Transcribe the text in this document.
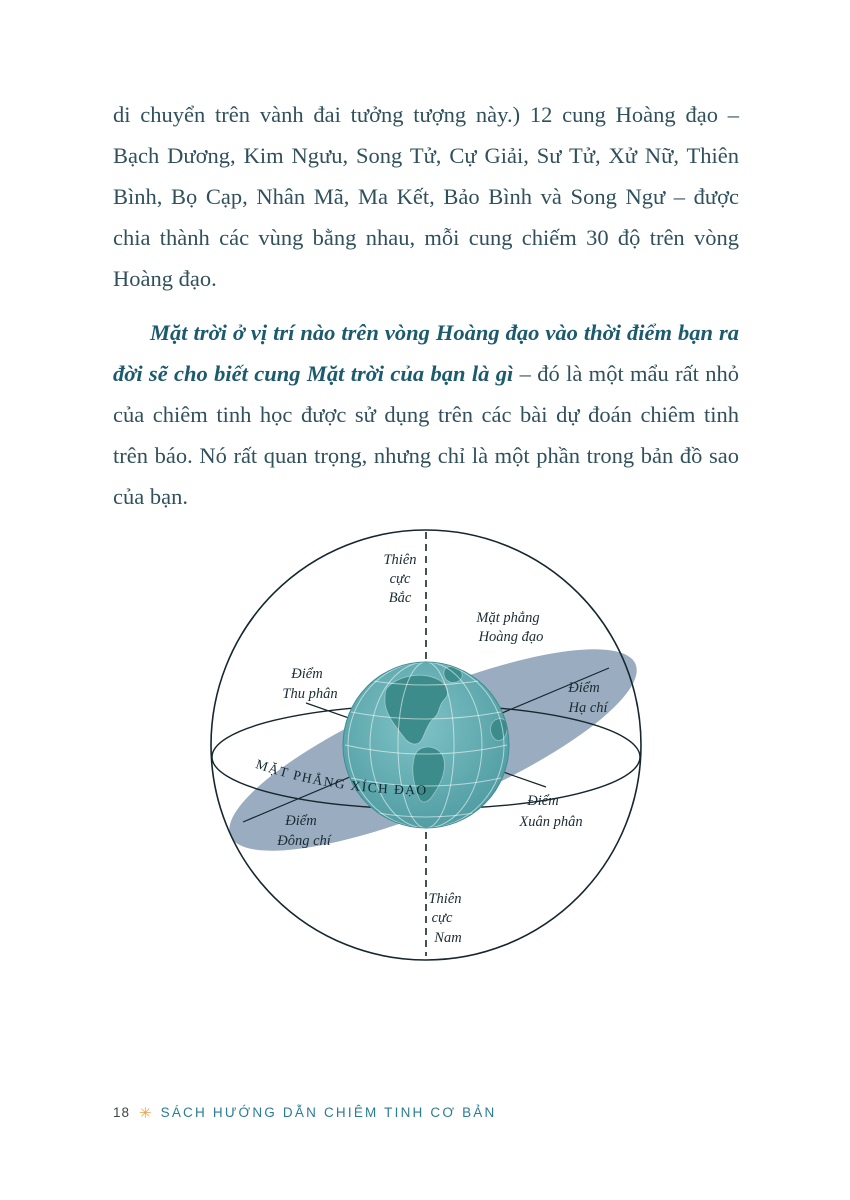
di chuyển trên vành đai tưởng tượng này.) 12 cung Hoàng đạo – Bạch Dương, Kim Ngưu, Song Tử, Cự Giải, Sư Tử, Xử Nữ, Thiên Bình, Bọ Cạp, Nhân Mã, Ma Kết, Bảo Bình và Song Ngư – được chia thành các vùng bằng nhau, mỗi cung chiếm 30 độ trên vòng Hoàng đạo.

Mặt trời ở vị trí nào trên vòng Hoàng đạo vào thời điểm bạn ra đời sẽ cho biết cung Mặt trời của bạn là gì – đó là một mẩu rất nhỏ của chiêm tinh học được sử dụng trên các bài dự đoán chiêm tinh trên báo. Nó rất quan trọng, nhưng chỉ là một phần trong bản đồ sao của bạn.

Thiên
cực
Bắc
Mặt phẳng
Hoàng đạo
Điểm
Thu phân	Điểm
Hạ chí
Điểm
Xuân phân
Điểm
Đông chí
Thiên
cực
Nam
MẶT PHẲNG XÍCH ĐẠO
18 ✳ SÁCH HƯỚNG DẪN CHIÊM TINH CƠ BẢN
